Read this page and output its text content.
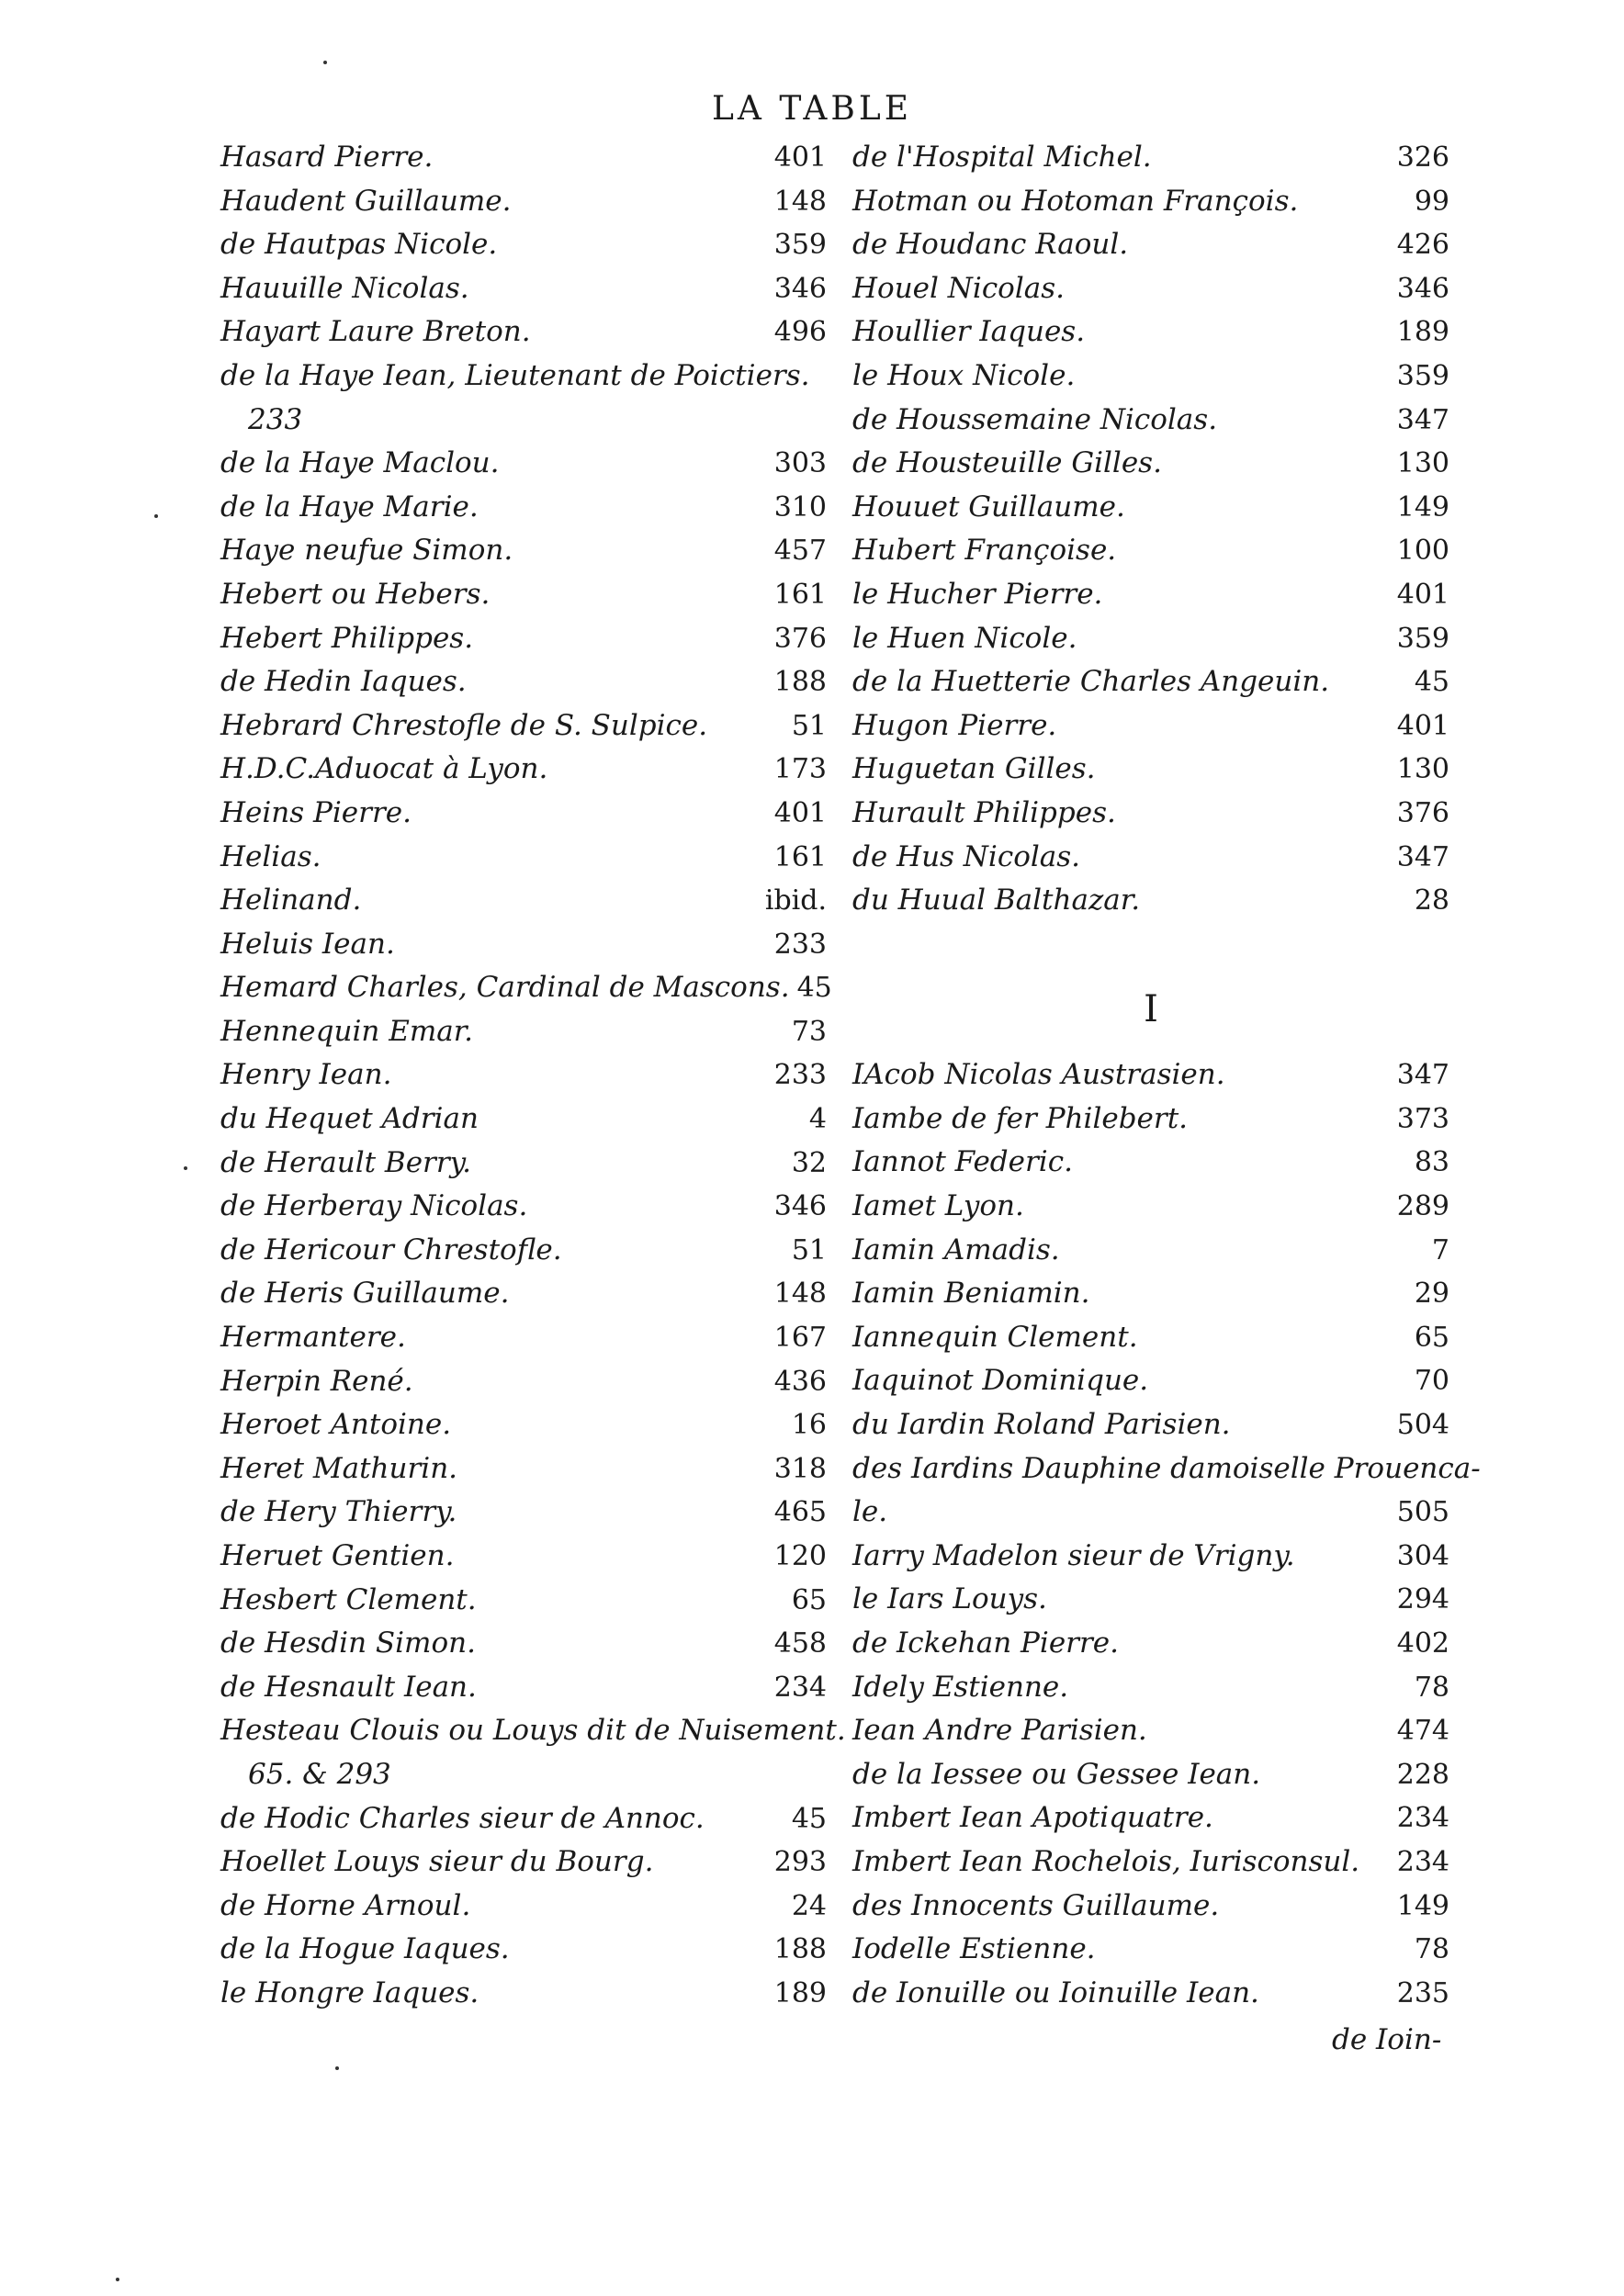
LA TABLE
Hasard Pierre.	401
Haudent Guillaume.	148
de Hautpas Nicole.	359
Hauuille Nicolas.	346
Hayart Laure Breton.	496
de la Haye Iean, Lieutenant de Poictiers.
233
de la Haye Maclou.	303
de la Haye Marie.	310
Haye neufue Simon.	457
Hebert ou Hebers.	161
Hebert Philippes.	376
de Hedin Iaques.	188
Hebrard Chrestofle de S. Sulpice.	51
H.D.C.Aduocat à Lyon.	173
Heins Pierre.	401
Helias.	161
Helinand.	ibid.
Heluis Iean.	233
Hemard Charles, Cardinal de Mascons. 45
Hennequin Emar.	73
Henry Iean.	233
du Hequet Adrian	4
de Herault Berry.	32
de Herberay Nicolas.	346
de Hericour Chrestofle.	51
de Heris Guillaume.	148
Hermantere.	167
Herpin René.	436
Heroet Antoine.	16
Heret Mathurin.	318
de Hery Thierry.	465
Heruet Gentien.	120
Hesbert Clement.	65
de Hesdin Simon.	458
de Hesnault Iean.	234
Hesteau Clouis ou Louys dit de Nuisement.
65. & 293
de Hodic Charles sieur de Annoc.	45
Hoellet Louys sieur du Bourg.	293
de Horne Arnoul.	24
de la Hogue Iaques.	188
le Hongre Iaques.	189
de l'Hospital Michel.	326
Hotman ou Hotoman François.	99
de Houdanc Raoul.	426
Houel Nicolas.	346
Houllier Iaques.	189
le Houx Nicole.	359
de Houssemaine Nicolas.	347
de Housteuille Gilles.	130
Houuet Guillaume.	149
Hubert Françoise.	100
le Hucher Pierre.	401
le Huen Nicole.	359
de la Huetterie Charles Angeuin.	45
Hugon Pierre.	401
Huguetan Gilles.	130
Hurault Philippes.	376
de Hus Nicolas.	347
du Huual Balthazar.	28
I
IAcob Nicolas Austrasien.	347
Iambe de fer Philebert.	373
Iannot Federic.	83
Iamet Lyon.	289
Iamin Amadis.	7
Iamin Beniamin.	29
Iannequin Clement.	65
Iaquinot Dominique.	70
du Iardin Roland Parisien.	504
des Iardins Dauphine damoiselle Prouenca-
le.	505
Iarry Madelon sieur de Vrigny.	304
le Iars Louys.	294
de Ickehan Pierre.	402
Idely Estienne.	78
Iean Andre Parisien.	474
de la Iessee ou Gessee Iean.	228
Imbert Iean Apotiquatre.	234
Imbert Iean Rochelois, Iurisconsul. 234
des Innocents Guillaume.	149
Iodelle Estienne.	78
de Ionuille ou Ioinuille Iean.	235
de Ioin-
